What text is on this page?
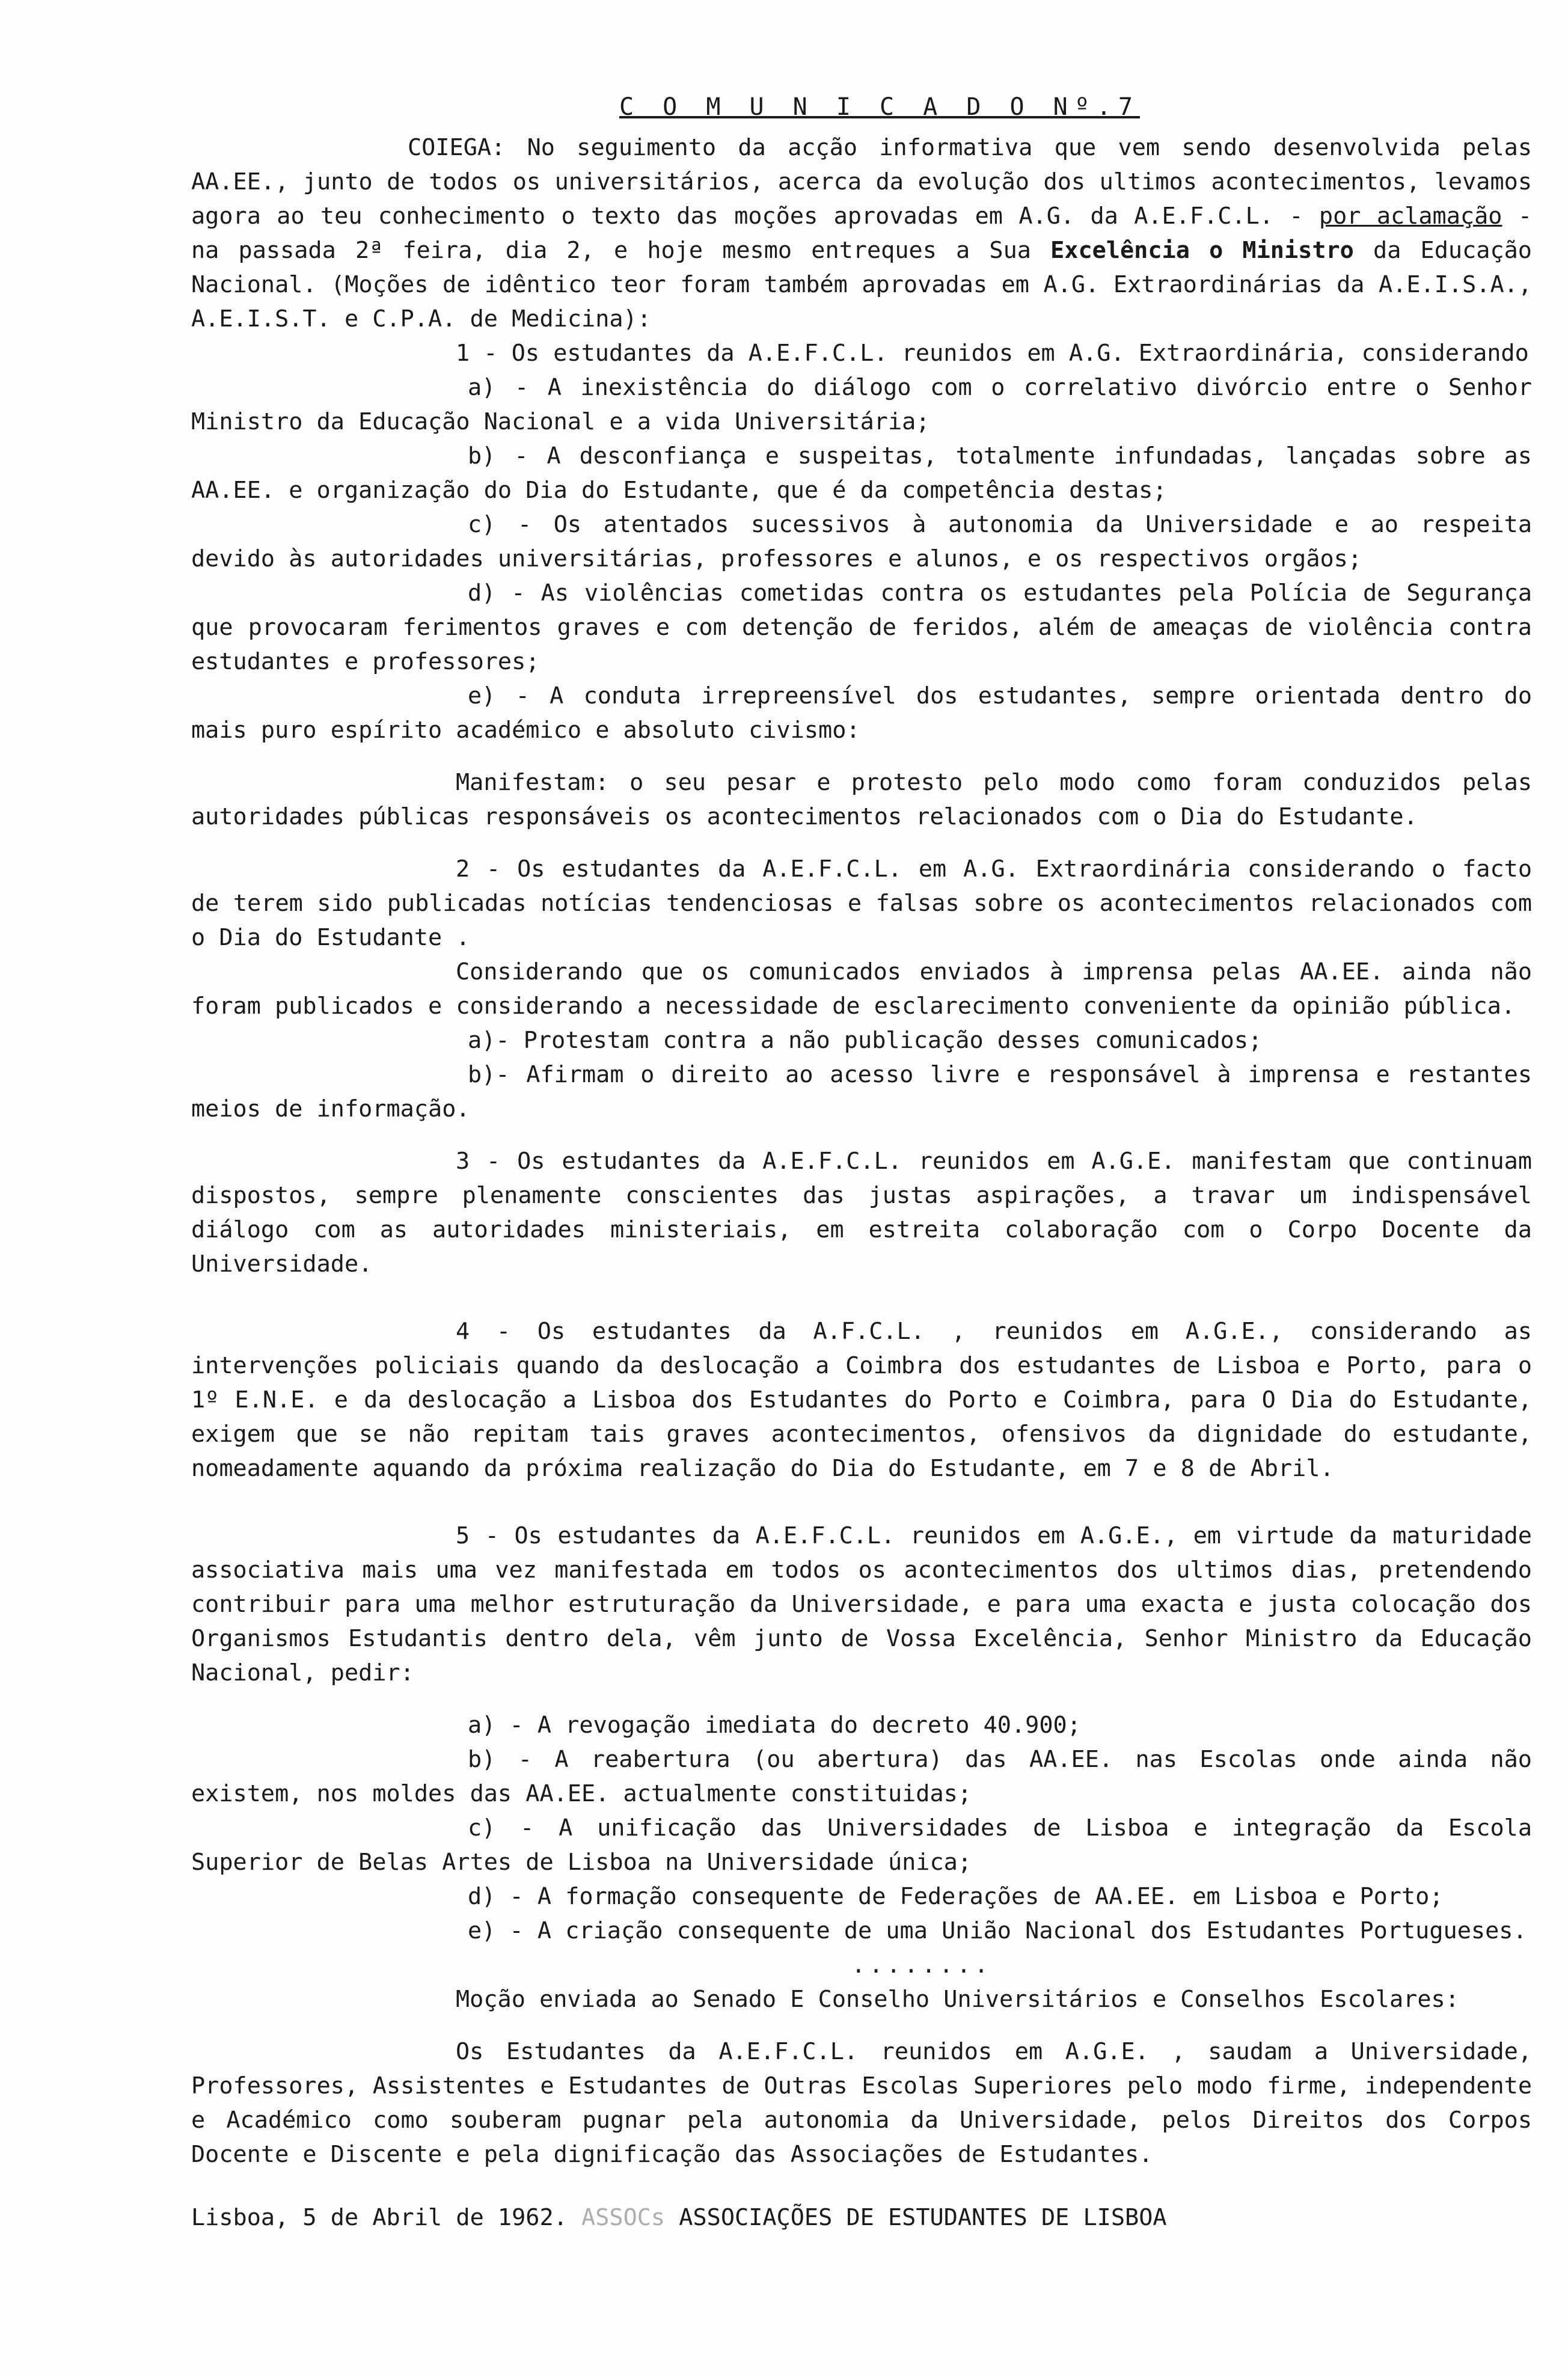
C O M U N I C A D O Nº.7

COIEGA: No seguimento da acção informativa que vem sendo desenvolvida pelas AA.EE., junto de todos os universitários, acerca da evolução dos ultimos acontecimentos, levamos agora ao teu conhecimento o texto das moções aprovadas em A.G. da A.E.F.C.L. - por aclamação - na passada 2ª feira, dia 2, e hoje mesmo entreques a Sua Excelência o Ministro da Educação Nacional. (Moções de idêntico teor foram também aprovadas em A.G. Extraordinárias da A.E.I.S.A., A.E.I.S.T. e C.P.A. de Medicina):

1 - Os estudantes da A.E.F.C.L. reunidos em A.G. Extraordinária, considerando

a) - A inexistência do diálogo com o correlativo divórcio entre o Senhor Ministro da Educação Nacional e a vida Universitária;

b) - A desconfiança e suspeitas, totalmente infundadas, lançadas sobre as AA.EE. e organização do Dia do Estudante, que é da competência destas;

c) - Os atentados sucessivos à autonomia da Universidade e ao respeita devido às autoridades universitárias, professores e alunos, e os respectivos orgãos;

d) - As violências cometidas contra os estudantes pela Polícia de Segurança que provocaram ferimentos graves e com detenção de feridos, além de ameaças de violência contra estudantes e professores;

e) - A conduta irrepreensível dos estudantes, sempre orientada dentro do mais puro espírito académico e absoluto civismo:

Manifestam: o seu pesar e protesto pelo modo como foram conduzidos pelas autoridades públicas responsáveis os acontecimentos relacionados com o Dia do Estudante.

2 - Os estudantes da A.E.F.C.L. em A.G. Extraordinária considerando o facto de terem sido publicadas notícias tendenciosas e falsas sobre os acontecimentos relacionados com o Dia do Estudante .

Considerando que os comunicados enviados à imprensa pelas AA.EE. ainda não foram publicados e considerando a necessidade de esclarecimento conveniente da opinião pública.

a)- Protestam contra a não publicação desses comunicados;

b)- Afirmam o direito ao acesso livre e responsável à imprensa e restantes meios de informação.

3 - Os estudantes da A.E.F.C.L. reunidos em A.G.E. manifestam que continuam dispostos, sempre plenamente conscientes das justas aspirações, a travar um indispensável diálogo com as autoridades ministeriais, em estreita colaboração com o Corpo Docente da Universidade.

4 - Os estudantes da A.F.C.L. , reunidos em A.G.E., considerando as intervenções policiais quando da deslocação a Coimbra dos estudantes de Lisboa e Porto, para o 1º E.N.E. e da deslocação a Lisboa dos Estudantes do Porto e Coimbra, para O Dia do Estudante, exigem que se não repitam tais graves acontecimentos, ofensivos da dignidade do estudante, nomeadamente aquando da próxima realização do Dia do Estudante, em 7 e 8 de Abril.

5 - Os estudantes da A.E.F.C.L. reunidos em A.G.E., em virtude da maturidade associativa mais uma vez manifestada em todos os acontecimentos dos ultimos dias, pretendendo contribuir para uma melhor estruturação da Universidade, e para uma exacta e justa colocação dos Organismos Estudantis dentro dela, vêm junto de Vossa Excelência, Senhor Ministro da Educação Nacional, pedir:

a) - A revogação imediata do decreto 40.900;

b) - A reabertura (ou abertura) das AA.EE. nas Escolas onde ainda não existem, nos moldes das AA.EE. actualmente constituidas;

c) - A unificação das Universidades de Lisboa e integração da Escola Superior de Belas Artes de Lisboa na Universidade única;

d) - A formação consequente de Federações de AA.EE. em Lisboa e Porto;

e) - A criação consequente de uma União Nacional dos Estudantes Portugueses.

........

Moção enviada ao Senado E Conselho Universitários e Conselhos Escolares:

Os Estudantes da A.E.F.C.L. reunidos em A.G.E. , saudam a Universidade, Professores, Assistentes e Estudantes de Outras Escolas Superiores pelo modo firme, independente e Académico como souberam pugnar pela autonomia da Universidade, pelos Direitos dos Corpos Docente e Discente e pela dignificação das Associações de Estudantes.

Lisboa, 5 de Abril de 1962. ASSOCs ASSOCIAÇÕES DE ESTUDANTES DE LISBOA
